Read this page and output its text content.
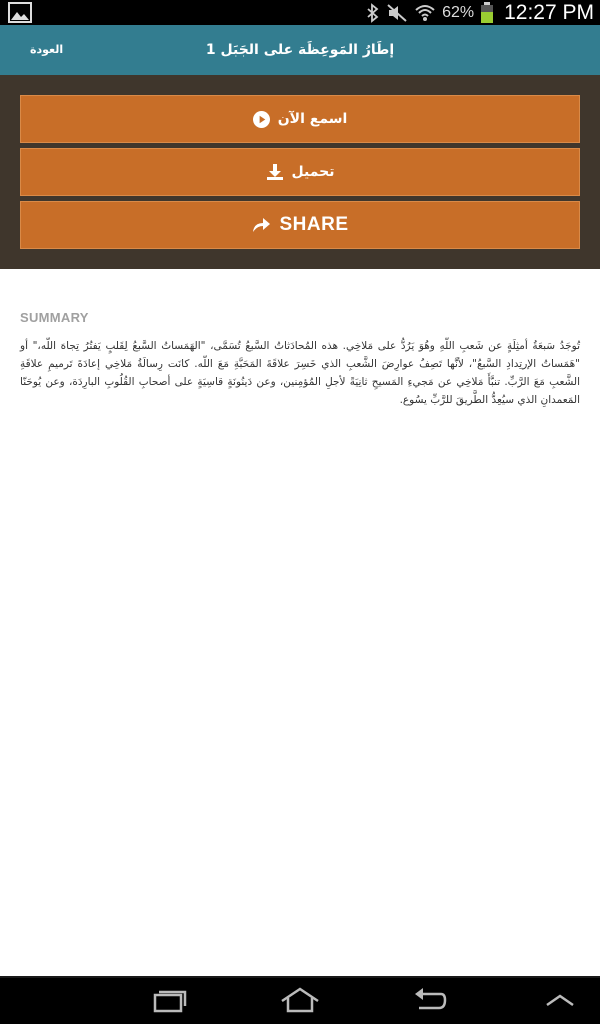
62% 12:27 PM
العودة	إطَارُ المَوعِظَة على الجَبَل 1
اسمع الآن
تحميل
SHARE
SUMMARY

تُوجَدُ سَبعَةُ أمثِلَةٍ عن شَعبِ اللّهِ وهُوَ يَرُدُّ على مَلاخِي. هذه المُحادَثاتُ السَّبعُ تُسَمَّى، "الهَمَساتُ السَّبعُ لِقَلبٍ يَفتُرُ تِجاهَ اللّه،" أو "هَمَساتُ الإرتِدادِ السَّبعُ"، لأنَّها تَصِفُ عوارِضَ الشَّعبِ الذي خَسِرَ علاقَةَ المَحَبَّةِ مَعَ اللّه. كانَت رِسالَةُ مَلاخِي إعادَةَ تَرميمِ علاقَةِ الشَّعبِ مَعَ الرَّبِّ. تنبَّأَ مَلاخِي عن مَجيءِ المَسيحِ ثانِيَةً لأجلِ المُؤمِنين، وعن دَينُونَةٍ قاسِيَةٍ على أصحابِ القُلُوبِ البارِدَة، وعن يُوحَنّا المَعمدانِ الذي سيُعِدُّ الطَّريقَ للرَّبِّ يسُوع.
